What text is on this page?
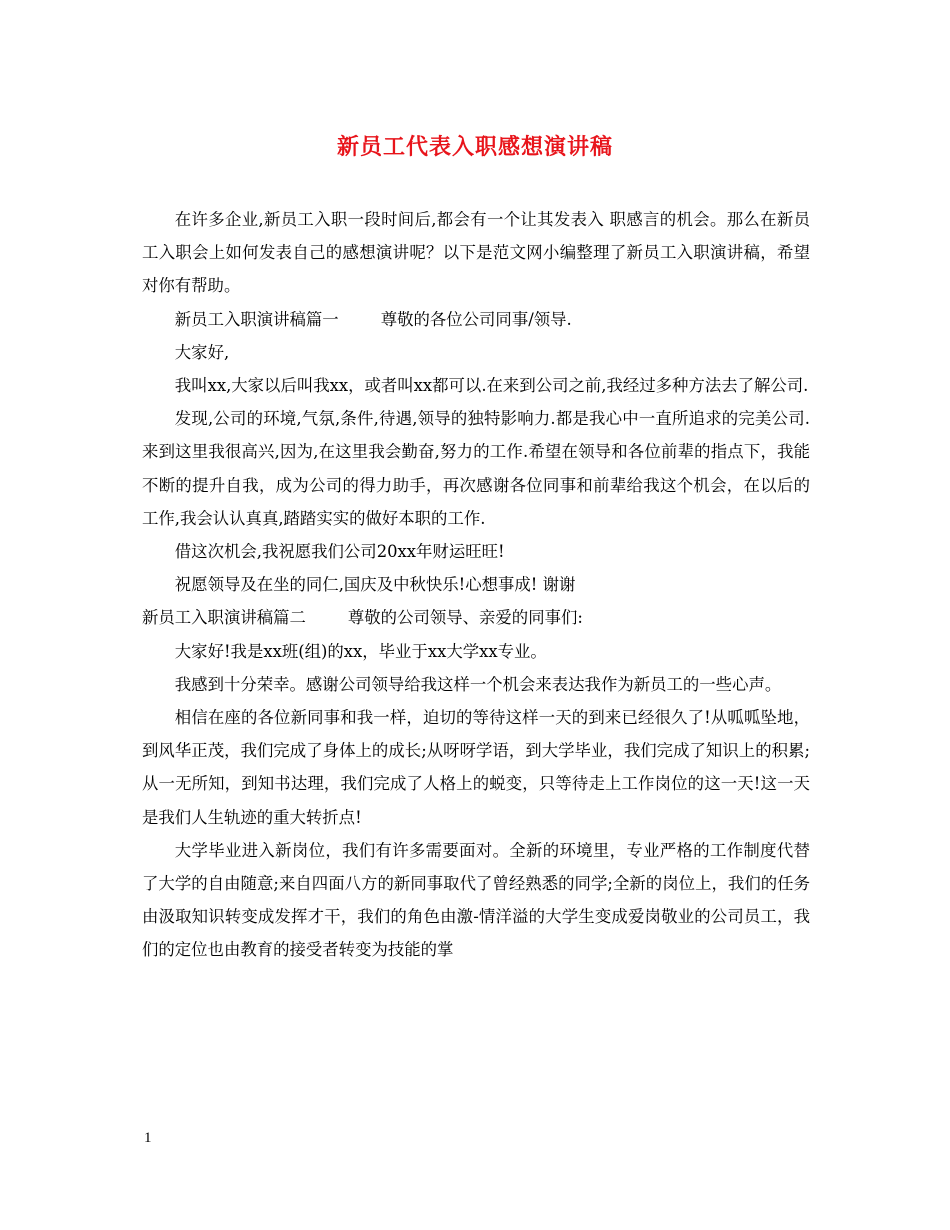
新员工代表入职感想演讲稿

在许多企业,新员工入职一段时间后,都会有一个让其发表入 职感言的机会。那么在新员工入职会上如何发表自己的感想演讲呢？以下是范文网小编整理了新员工入职演讲稿，希望对你有帮助。

新员工入职演讲稿篇一	尊敬的各位公司同事/领导.

大家好,

我叫xx,大家以后叫我xx，或者叫xx都可以.在来到公司之前,我经过多种方法去了解公司.

发现,公司的环境,气氛,条件,待遇,领导的独特影响力.都是我心中一直所追求的完美公司.来到这里我很高兴,因为,在这里我会勤奋,努力的工作.希望在领导和各位前辈的指点下，我能不断的提升自我，成为公司的得力助手，再次感谢各位同事和前辈给我这个机会，在以后的工作,我会认认真真,踏踏实实的做好本职的工作.

借这次机会,我祝愿我们公司20xx年财运旺旺!

祝愿领导及在坐的同仁,国庆及中秋快乐!心想事成! 谢谢

新员工入职演讲稿篇二	尊敬的公司领导、亲爱的同事们:

大家好!我是xx班(组)的xx，毕业于xx大学xx专业。

我感到十分荣幸。感谢公司领导给我这样一个机会来表达我作为新员工的一些心声。

相信在座的各位新同事和我一样，迫切的等待这样一天的到来已经很久了!从呱呱坠地，到风华正茂，我们完成了身体上的成长;从呀呀学语，到大学毕业，我们完成了知识上的积累;从一无所知，到知书达理，我们完成了人格上的蜕变，只等待走上工作岗位的这一天!这一天是我们人生轨迹的重大转折点!

大学毕业进入新岗位，我们有许多需要面对。全新的环境里，专业严格的工作制度代替了大学的自由随意;来自四面八方的新同事取代了曾经熟悉的同学;全新的岗位上，我们的任务由汲取知识转变成发挥才干，我们的角色由激-情洋溢的大学生变成爱岗敬业的公司员工，我们的定位也由教育的接受者转变为技能的掌

1
